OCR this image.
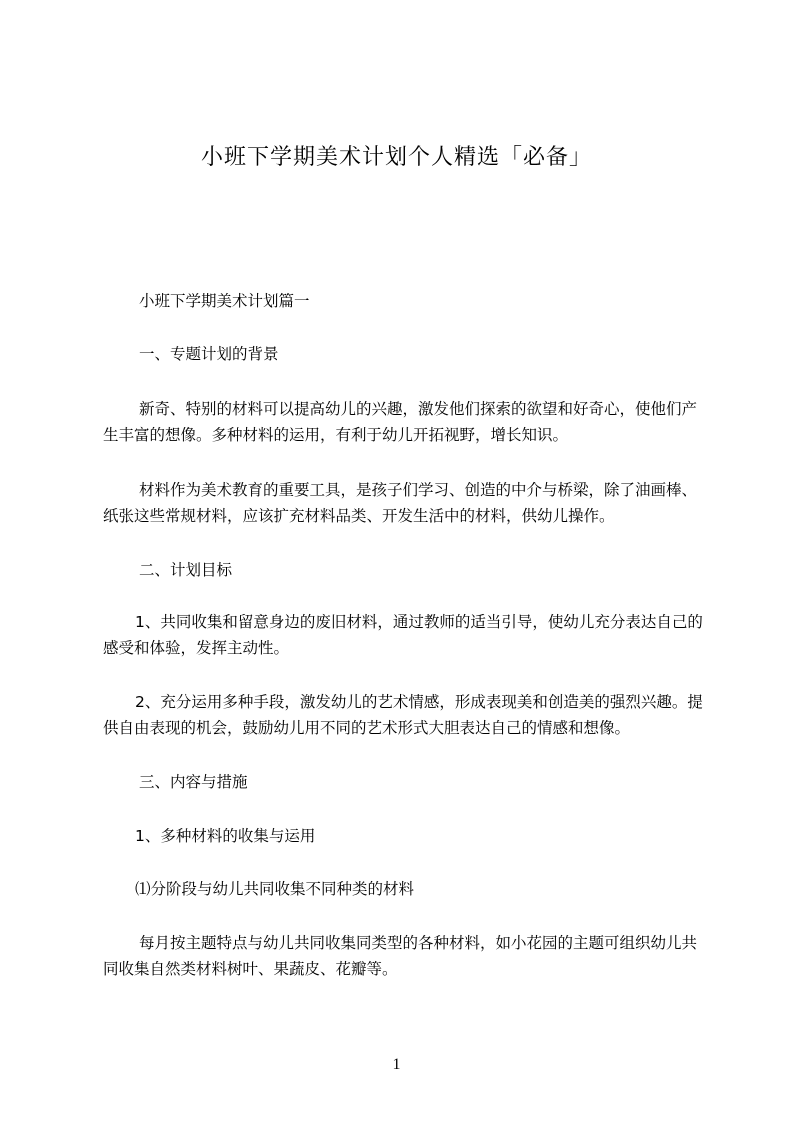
小班下学期美术计划个人精选「必备」

小班下学期美术计划篇一

一、专题计划的背景

新奇、特别的材料可以提高幼儿的兴趣，激发他们探索的欲望和好奇心，使他们产生丰富的想像。多种材料的运用，有利于幼儿开拓视野，增长知识。

材料作为美术教育的重要工具，是孩子们学习、创造的中介与桥梁，除了油画棒、纸张这些常规材料，应该扩充材料品类、开发生活中的材料，供幼儿操作。

二、计划目标

1、共同收集和留意身边的废旧材料，通过教师的适当引导，使幼儿充分表达自己的感受和体验，发挥主动性。

2、充分运用多种手段，激发幼儿的艺术情感，形成表现美和创造美的强烈兴趣。提供自由表现的机会，鼓励幼儿用不同的艺术形式大胆表达自己的情感和想像。

三、内容与措施

1、多种材料的收集与运用

⑴分阶段与幼儿共同收集不同种类的材料

每月按主题特点与幼儿共同收集同类型的各种材料，如小花园的主题可组织幼儿共同收集自然类材料树叶、果蔬皮、花瓣等。

1
